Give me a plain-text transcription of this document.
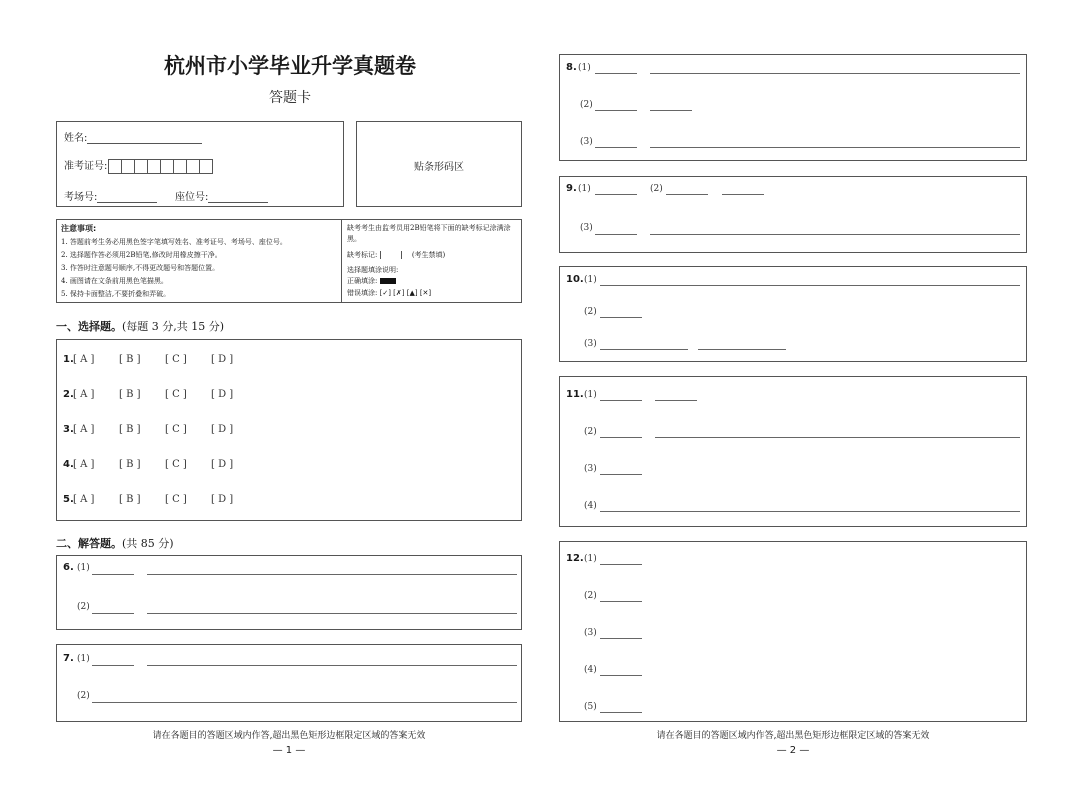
杭州市小学毕业升学真题卷
答题卡
姓名:
准考证号:
考场号:	座位号:
贴条形码区
注意事项:
1. 答题前考生务必用黑色签字笔填写姓名、准考证号、考场号、座位号。
2. 选择题作答必须用2B铅笔,修改时用橡皮擦干净。
3. 作答时注意题号顺序,不得更改题号和答题位置。
4. 画图请在文条前用黑色笔描黑。
5. 保持卡面整洁,不要折叠和弄破。
缺考考生由监考员用2B铅笔将下面的缺考标记涂满涂黑。
缺考标记:	(考生禁填)
选择题填涂说明:
正确填涂:
错误填涂: [✓] [✗] [▲] [✕]
一、选择题。(每题 3 分,共 15 分)
1. [ A ] [ B ] [ C ] [ D ]
2. [ A ] [ B ] [ C ] [ D ]
3. [ A ] [ B ] [ C ] [ D ]
4. [ A ] [ B ] [ C ] [ D ]
5. [ A ] [ B ] [ C ] [ D ]
二、解答题。(共 85 分)
6. (1)
(2)
7. (1)
(2)
请在各题目的答题区域内作答,超出黑色矩形边框限定区域的答案无效
— 1 —
8. (1)
(2)
(3)
9. (1)	(2)
(3)
10. (1)
(2)
(3)
11. (1)
(2)
(3)
(4)
12. (1)
(2)
(3)
(4)
(5)
请在各题目的答题区域内作答,超出黑色矩形边框限定区域的答案无效
— 2 —
